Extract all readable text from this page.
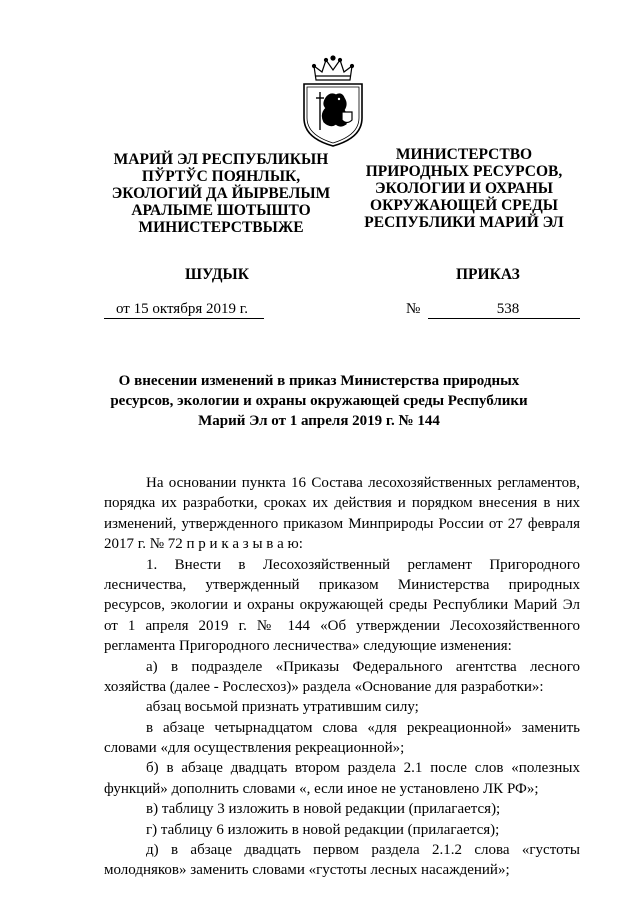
МАРИЙ ЭЛ РЕСПУБЛИКЫН
ПЎРТЎС ПОЯНЛЫК,
ЭКОЛОГИЙ ДА ЙЫРВЕЛЫМ
АРАЛЫМЕ ШОТЫШТО
МИНИСТЕРСТВЫЖЕ
МИНИСТЕРСТВО
ПРИРОДНЫХ РЕСУРСОВ,
ЭКОЛОГИИ И ОХРАНЫ
ОКРУЖАЮЩЕЙ СРЕДЫ
РЕСПУБЛИКИ МАРИЙ ЭЛ
ШУДЫК	ПРИКАЗ
от 15 октября 2019 г.	№	538
О внесении изменений в приказ Министерства природных
ресурсов, экологии и охраны окружающей среды Республики
Марий Эл от 1 апреля 2019 г. № 144
На основании пункта 16 Состава лесохозяйственных регламентов,
порядка их разработки, сроках их действия и порядком внесения в них
изменений, утвержденного приказом Минприроды России от 27 февраля
2017 г. № 72 п р и к а з ы в а ю:
1. Внести в Лесохозяйственный регламент Пригородного
лесничества, утвержденный приказом Министерства природных
ресурсов, экологии и охраны окружающей среды Республики Марий Эл
от 1 апреля 2019 г. № 144 «Об утверждении Лесохозяйственного
регламента Пригородного лесничества» следующие изменения:
а) в подразделе «Приказы Федерального агентства лесного
хозяйства (далее - Рослесхоз)» раздела «Основание для разработки»:
абзац восьмой признать утратившим силу;
в абзаце четырнадцатом слова «для рекреационной» заменить
словами «для осуществления рекреационной»;
б) в абзаце двадцать втором раздела 2.1 после слов «полезных
функций» дополнить словами «, если иное не установлено ЛК РФ»;
в) таблицу 3 изложить в новой редакции (прилагается);
г) таблицу 6 изложить в новой редакции (прилагается);
д) в абзаце двадцать первом раздела 2.1.2 слова «густоты
молодняков» заменить словами «густоты лесных насаждений»;
